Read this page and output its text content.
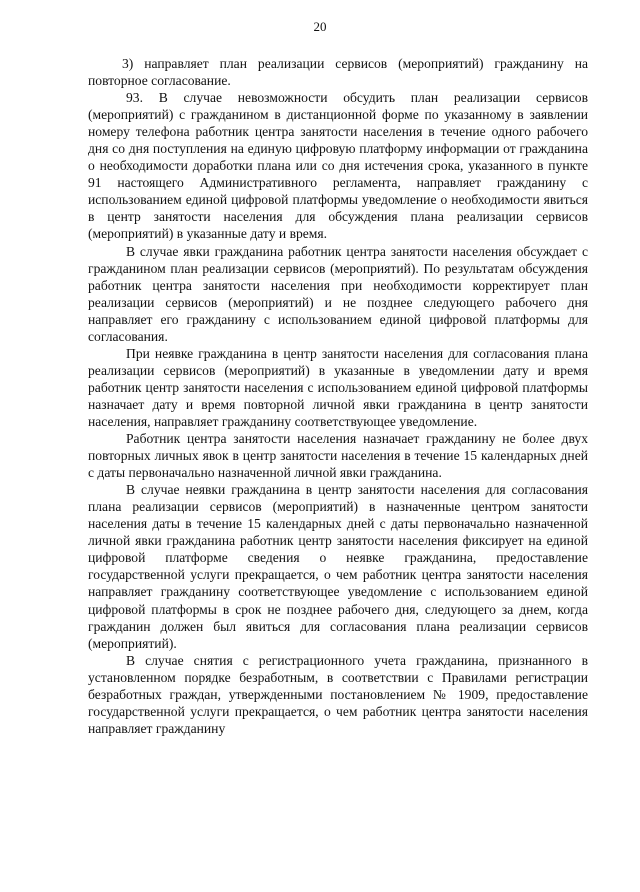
20

3) направляет план реализации сервисов (мероприятий) гражданину на повторное согласование.

93. В случае невозможности обсудить план реализации сервисов (мероприятий) с гражданином в дистанционной форме по указанному в заявлении номеру телефона работник центра занятости населения в течение одного рабочего дня со дня поступления на единую цифровую платформу информации от гражданина о необходимости доработки плана или со дня истечения срока, указанного в пункте 91 настоящего Административного регламента, направляет гражданину с использованием единой цифровой платформы уведомление о необходимости явиться в центр занятости населения для обсуждения плана реализации сервисов (мероприятий) в указанные дату и время.

В случае явки гражданина работник центра занятости населения обсуждает с гражданином план реализации сервисов (мероприятий). По результатам обсуждения работник центра занятости населения при необходимости корректирует план реализации сервисов (мероприятий) и не позднее следующего рабочего дня направляет его гражданину с использованием единой цифровой платформы для согласования.

При неявке гражданина в центр занятости населения для согласования плана реализации сервисов (мероприятий) в указанные в уведомлении дату и время работник центр занятости населения с использованием единой цифровой платформы назначает дату и время повторной личной явки гражданина в центр занятости населения, направляет гражданину соответствующее уведомление.

Работник центра занятости населения назначает гражданину не более двух повторных личных явок в центр занятости населения в течение 15 календарных дней с даты первоначально назначенной личной явки гражданина.

В случае неявки гражданина в центр занятости населения для согласования плана реализации сервисов (мероприятий) в назначенные центром занятости населения даты в течение 15 календарных дней с даты первоначально назначенной личной явки гражданина работник центр занятости населения фиксирует на единой цифровой платформе сведения о неявке гражданина, предоставление государственной услуги прекращается, о чем работник центра занятости населения направляет гражданину соответствующее уведомление с использованием единой цифровой платформы в срок не позднее рабочего дня, следующего за днем, когда гражданин должен был явиться для согласования плана реализации сервисов (мероприятий).

В случае снятия с регистрационного учета гражданина, признанного в установленном порядке безработным, в соответствии с Правилами регистрации безработных граждан, утвержденными постановлением № 1909, предоставление государственной услуги прекращается, о чем работник центра занятости населения направляет гражданину
